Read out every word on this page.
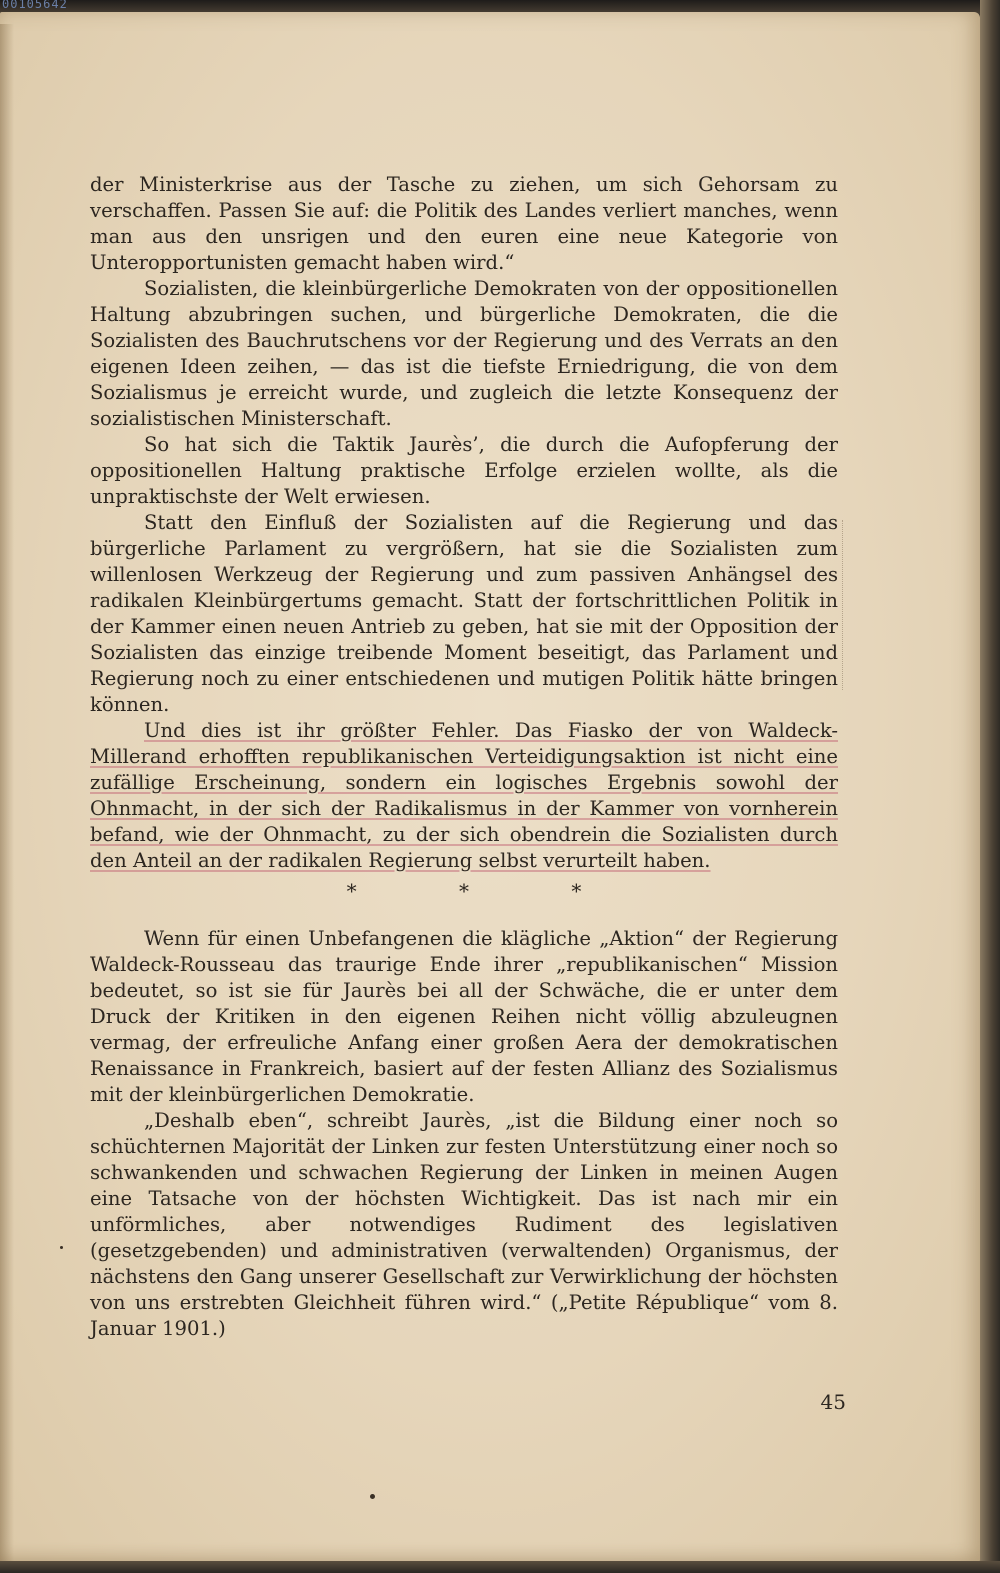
00105642

der Ministerkrise aus der Tasche zu ziehen, um sich Gehorsam zu verschaffen. Passen Sie auf: die Politik des Landes verliert manches, wenn man aus den unsrigen und den euren eine neue Kategorie von Unteropportunisten gemacht haben wird.“

Sozialisten, die kleinbürgerliche Demokraten von der oppositionellen Haltung abzubringen suchen, und bürgerliche Demokraten, die die Sozialisten des Bauchrutschens vor der Regierung und des Verrats an den eigenen Ideen zeihen, — das ist die tiefste Erniedrigung, die von dem Sozialismus je erreicht wurde, und zugleich die letzte Konsequenz der sozialistischen Ministerschaft.

So hat sich die Taktik Jaurès’, die durch die Aufopferung der oppositionellen Haltung praktische Erfolge erzielen wollte, als die unpraktischste der Welt erwiesen.

Statt den Einfluß der Sozialisten auf die Regierung und das bürgerliche Parlament zu vergrößern, hat sie die Sozialisten zum willenlosen Werkzeug der Regierung und zum passiven Anhängsel des radikalen Kleinbürgertums gemacht. Statt der fortschrittlichen Politik in der Kammer einen neuen Antrieb zu geben, hat sie mit der Opposition der Sozialisten das einzige treibende Moment beseitigt, das Parlament und Regierung noch zu einer entschiedenen und mutigen Politik hätte bringen können.

Und dies ist ihr größter Fehler. Das Fiasko der von Waldeck-Millerand erhofften republikanischen Verteidigungsaktion ist nicht eine zufällige Erscheinung, sondern ein logisches Ergebnis sowohl der Ohnmacht, in der sich der Radikalismus in der Kammer von vornherein befand, wie der Ohnmacht, zu der sich obendrein die Sozialisten durch den Anteil an der radikalen Regierung selbst verurteilt haben.

* * *

Wenn für einen Unbefangenen die klägliche „Aktion“ der Regierung Waldeck-Rousseau das traurige Ende ihrer „republikanischen“ Mission bedeutet, so ist sie für Jaurès bei all der Schwäche, die er unter dem Druck der Kritiken in den eigenen Reihen nicht völlig abzuleugnen vermag, der erfreuliche Anfang einer großen Aera der demokratischen Renaissance in Frankreich, basiert auf der festen Allianz des Sozialismus mit der kleinbürgerlichen Demokratie.

„Deshalb eben“, schreibt Jaurès, „ist die Bildung einer noch so schüchternen Majorität der Linken zur festen Unterstützung einer noch so schwankenden und schwachen Regierung der Linken in meinen Augen eine Tatsache von der höchsten Wichtigkeit. Das ist nach mir ein unförmliches, aber notwendiges Rudiment des legislativen (gesetzgebenden) und administrativen (verwaltenden) Organismus, der nächstens den Gang unserer Gesellschaft zur Verwirklichung der höchsten von uns erstrebten Gleichheit führen wird.“ („Petite République“ vom 8. Januar 1901.)

45
